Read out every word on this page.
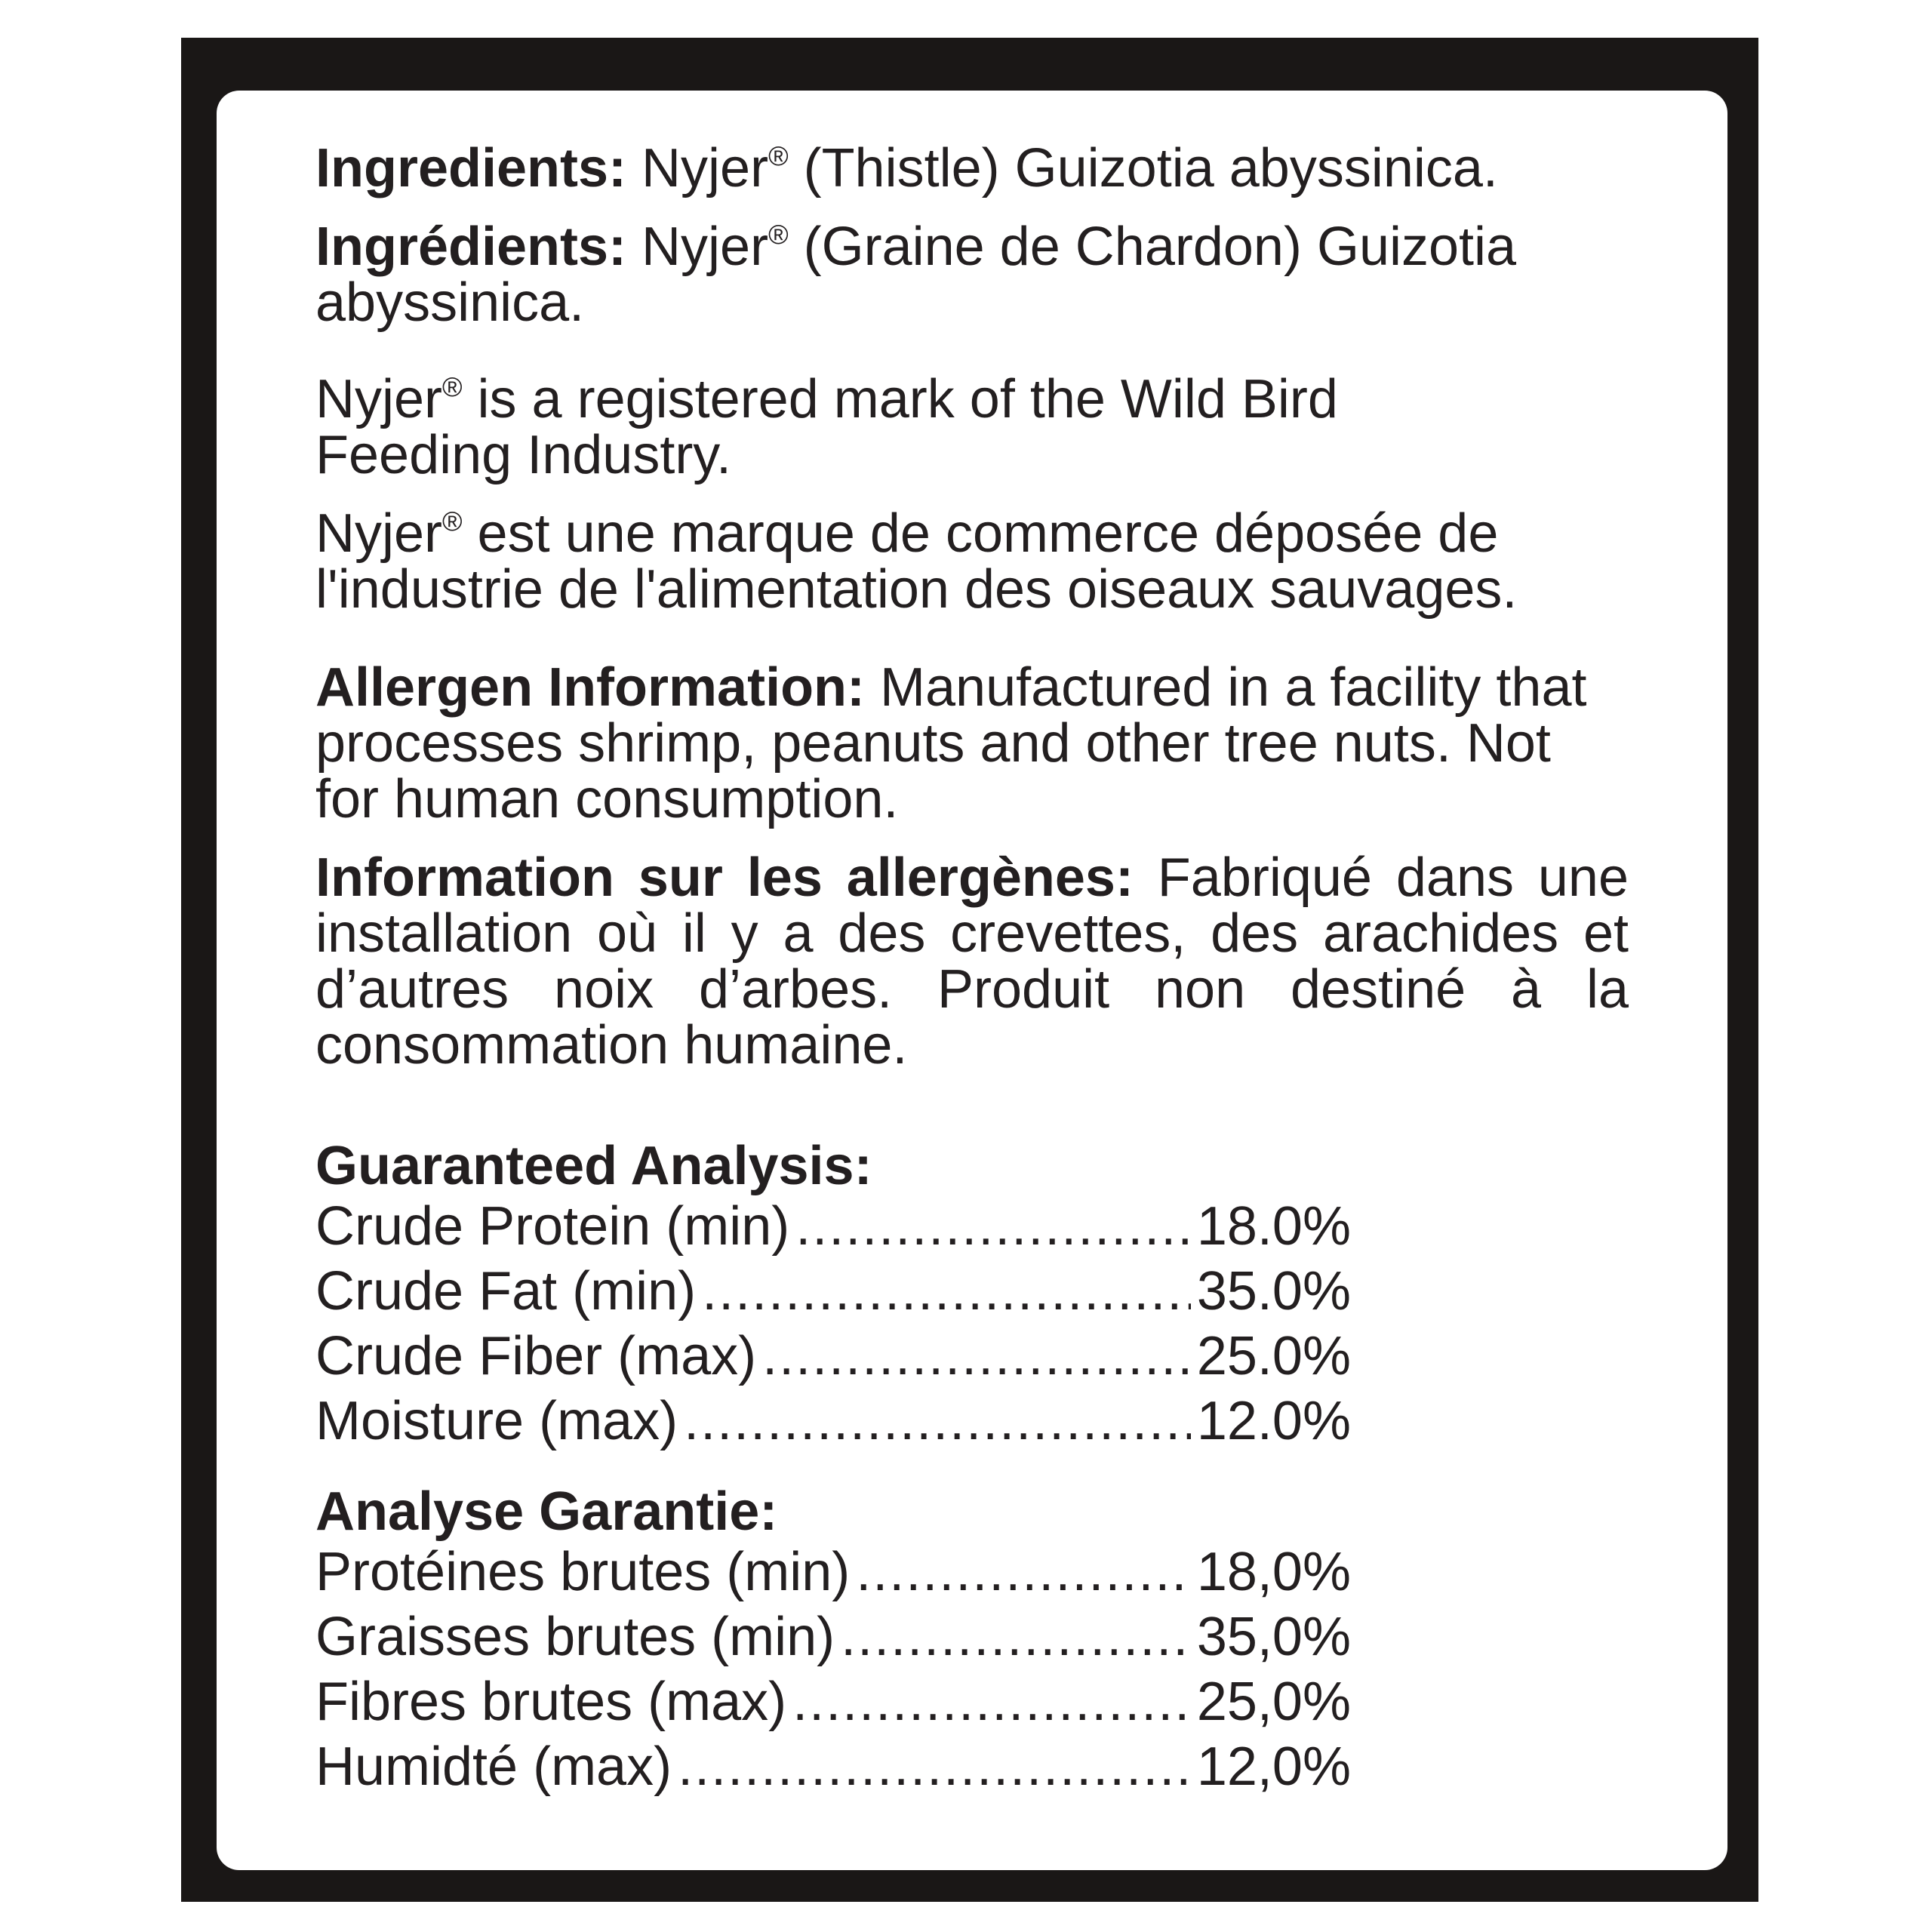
Ingredients: Nyjer® (Thistle) Guizotia abyssinica.

Ingrédients: Nyjer® (Graine de Chardon) Guizotia abyssinica.

Nyjer® is a registered mark of the Wild Bird Feeding Industry.

Nyjer® est une marque de commerce déposée de l'industrie de l'alimentation des oiseaux sauvages.

Allergen Information: Manufactured in a facility that processes shrimp, peanuts and other tree nuts. Not for human consumption.

Information sur les allergènes: Fabriqué dans une installation où il y a des crevettes, des arachides et d’autres noix d’arbes. Produit non destiné à la consommation humaine.

Guaranteed Analysis:

Crude Protein (min) .....	18.0%
Crude Fat (min) .....	35.0%
Crude Fiber (max) .....	25.0%
Moisture (max) .....	12.0%

Analyse Garantie:

Protéines brutes (min) .....	18,0%
Graisses brutes (min) .....	35,0%
Fibres brutes (max) .....	25,0%
Humidté (max) .....	12,0%
